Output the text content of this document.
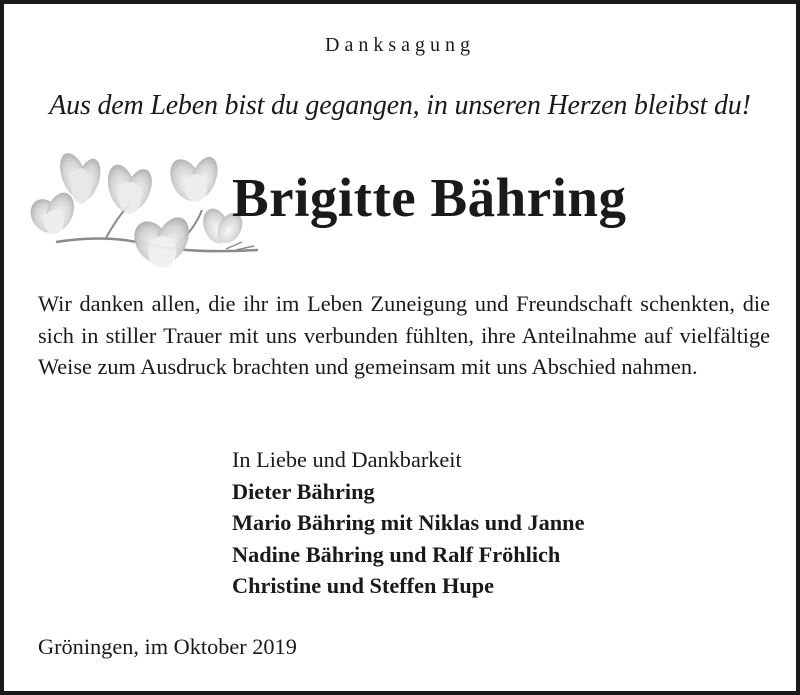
Danksagung
Aus dem Leben bist du gegangen, in unseren Herzen bleibst du!
Brigitte Bähring

Wir danken allen, die ihr im Leben Zuneigung und Freundschaft schenkten, die sich in stiller Trauer mit uns verbunden fühlten, ihre Anteilnahme auf vielfältige Weise zum Ausdruck brachten und gemeinsam mit uns Abschied nahmen.

In Liebe und Dankbarkeit
Dieter Bähring
Mario Bähring mit Niklas und Janne
Nadine Bähring und Ralf Fröhlich
Christine und Steffen Hupe
Gröningen, im Oktober 2019
